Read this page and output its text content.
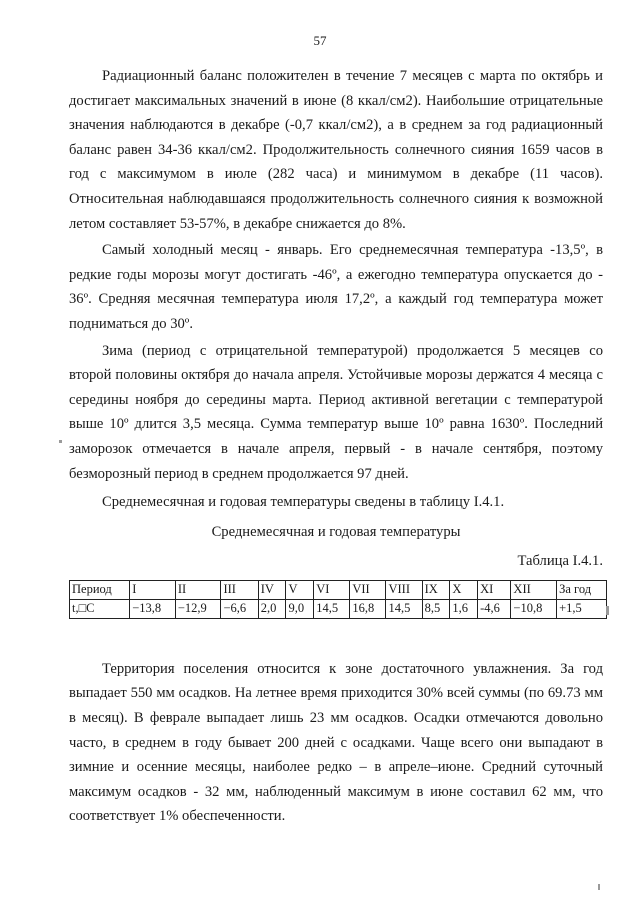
57

Радиационный баланс положителен в течение 7 месяцев с марта по октябрь и достигает максимальных значений в июне (8 ккал/см2). Наибольшие отрицательные значения наблюдаются в декабре (-0,7 ккал/см2), а в среднем за год радиационный баланс равен 34-36 ккал/см2. Продолжительность солнечного сияния 1659 часов в год с максимумом в июле (282 часа) и минимумом в декабре (11 часов). Относительная наблюдавшаяся продолжительность солнечного сияния к возможной летом составляет 53-57%, в декабре снижается до 8%.

Самый холодный месяц - январь. Его среднемесячная температура -13,5º, в редкие годы морозы могут достигать -46º, а ежегодно температура опускается до - 36º. Средняя месячная температура июля 17,2º, а каждый год температура может подниматься до 30º.

Зима (период с отрицательной температурой) продолжается 5 месяцев со второй половины октября до начала апреля. Устойчивые морозы держатся 4 месяца с середины ноября до середины марта. Период активной вегетации с температурой выше 10º длится 3,5 месяца. Сумма температур выше 10º равна 1630º. Последний заморозок отмечается в начале апреля, первый - в начале сентября, поэтому безморозный период в среднем продолжается 97 дней.

Среднемесячная и годовая температуры сведены в таблицу I.4.1.

Среднемесячная и годовая температуры

Таблица I.4.1.

Период	I	II	III	IV	V	VI	VII	VIII	IX	X	XI	XII	За год
t,□C	−13,8	−12,9	−6,6	2,0	9,0	14,5	16,8	14,5	8,5	1,6	-4,6	−10,8	+1,5

Территория поселения относится к зоне достаточного увлажнения. За год выпадает 550 мм осадков. На летнее время приходится 30% всей суммы (по 69.73 мм в месяц). В феврале выпадает лишь 23 мм осадков. Осадки отмечаются довольно часто, в среднем в году бывает 200 дней с осадками. Чаще всего они выпадают в зимние и осенние месяцы, наиболее редко – в апреле–июне. Средний суточный максимум осадков - 32 мм, наблюденный максимум в июне составил 62 мм, что соответствует 1% обеспеченности.
